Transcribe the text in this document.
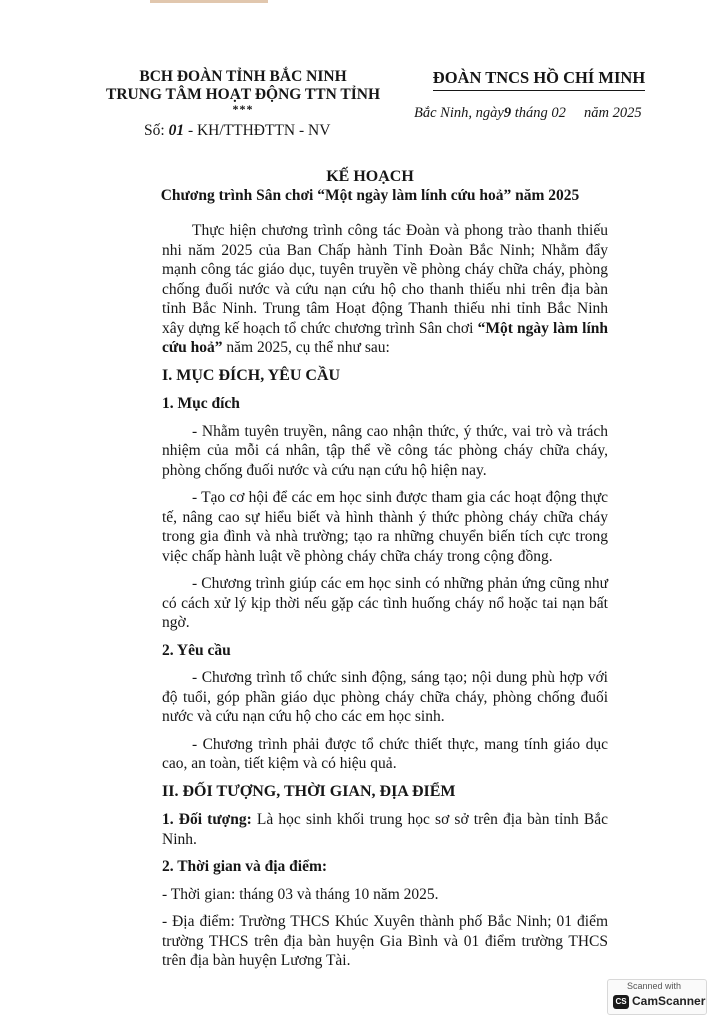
BCH ĐOÀN TỈNH BẮC NINH
TRUNG TÂM HOẠT ĐỘNG TTN TỈNH
***
Số: 01 - KH/TTHĐTTN - NV
ĐOÀN TNCS HỒ CHÍ MINH
Bắc Ninh, ngày9 tháng 02     năm 2025
KẾ HOẠCH
Chương trình Sân chơi “Một ngày làm lính cứu hoả” năm 2025

Thực hiện chương trình công tác Đoàn và phong trào thanh thiếu nhi năm 2025 của Ban Chấp hành Tỉnh Đoàn Bắc Ninh; Nhằm đẩy mạnh công tác giáo dục, tuyên truyền về phòng cháy chữa cháy, phòng chống đuối nước và cứu nạn cứu hộ cho thanh thiếu nhi trên địa bàn tỉnh Bắc Ninh. Trung tâm Hoạt động Thanh thiếu nhi tỉnh Bắc Ninh xây dựng kế hoạch tổ chức chương trình Sân chơi “Một ngày làm lính cứu hoả” năm 2025, cụ thể như sau:

I. MỤC ĐÍCH, YÊU CẦU
1. Mục đích

- Nhằm tuyên truyền, nâng cao nhận thức, ý thức, vai trò và trách nhiệm của mỗi cá nhân, tập thể về công tác phòng cháy chữa cháy, phòng chống đuối nước và cứu nạn cứu hộ hiện nay.

- Tạo cơ hội để các em học sinh được tham gia các hoạt động thực tế, nâng cao sự hiểu biết và hình thành ý thức phòng cháy chữa cháy trong gia đình và nhà trường; tạo ra những chuyển biến tích cực trong việc chấp hành luật về phòng cháy chữa cháy trong cộng đồng.

- Chương trình giúp các em học sinh có những phản ứng cũng như có cách xử lý kịp thời nếu gặp các tình huống cháy nổ hoặc tai nạn bất ngờ.

2. Yêu cầu

- Chương trình tổ chức sinh động, sáng tạo; nội dung phù hợp với độ tuổi, góp phần giáo dục phòng cháy chữa cháy, phòng chống đuối nước và cứu nạn cứu hộ cho các em học sinh.

- Chương trình phải được tổ chức thiết thực, mang tính giáo dục cao, an toàn, tiết kiệm và có hiệu quả.

II. ĐỐI TƯỢNG, THỜI GIAN, ĐỊA ĐIỂM
1. Đối tượng: Là học sinh khối trung học sơ sở trên địa bàn tỉnh Bắc Ninh.
2. Thời gian và địa điểm:

- Thời gian: tháng 03 và tháng 10 năm 2025.

- Địa điểm: Trường THCS Khúc Xuyên thành phố Bắc Ninh; 01 điểm trường THCS trên địa bàn huyện Gia Bình và 01 điểm trường THCS trên địa bàn huyện Lương Tài.

Scanned with
CS CamScanner
